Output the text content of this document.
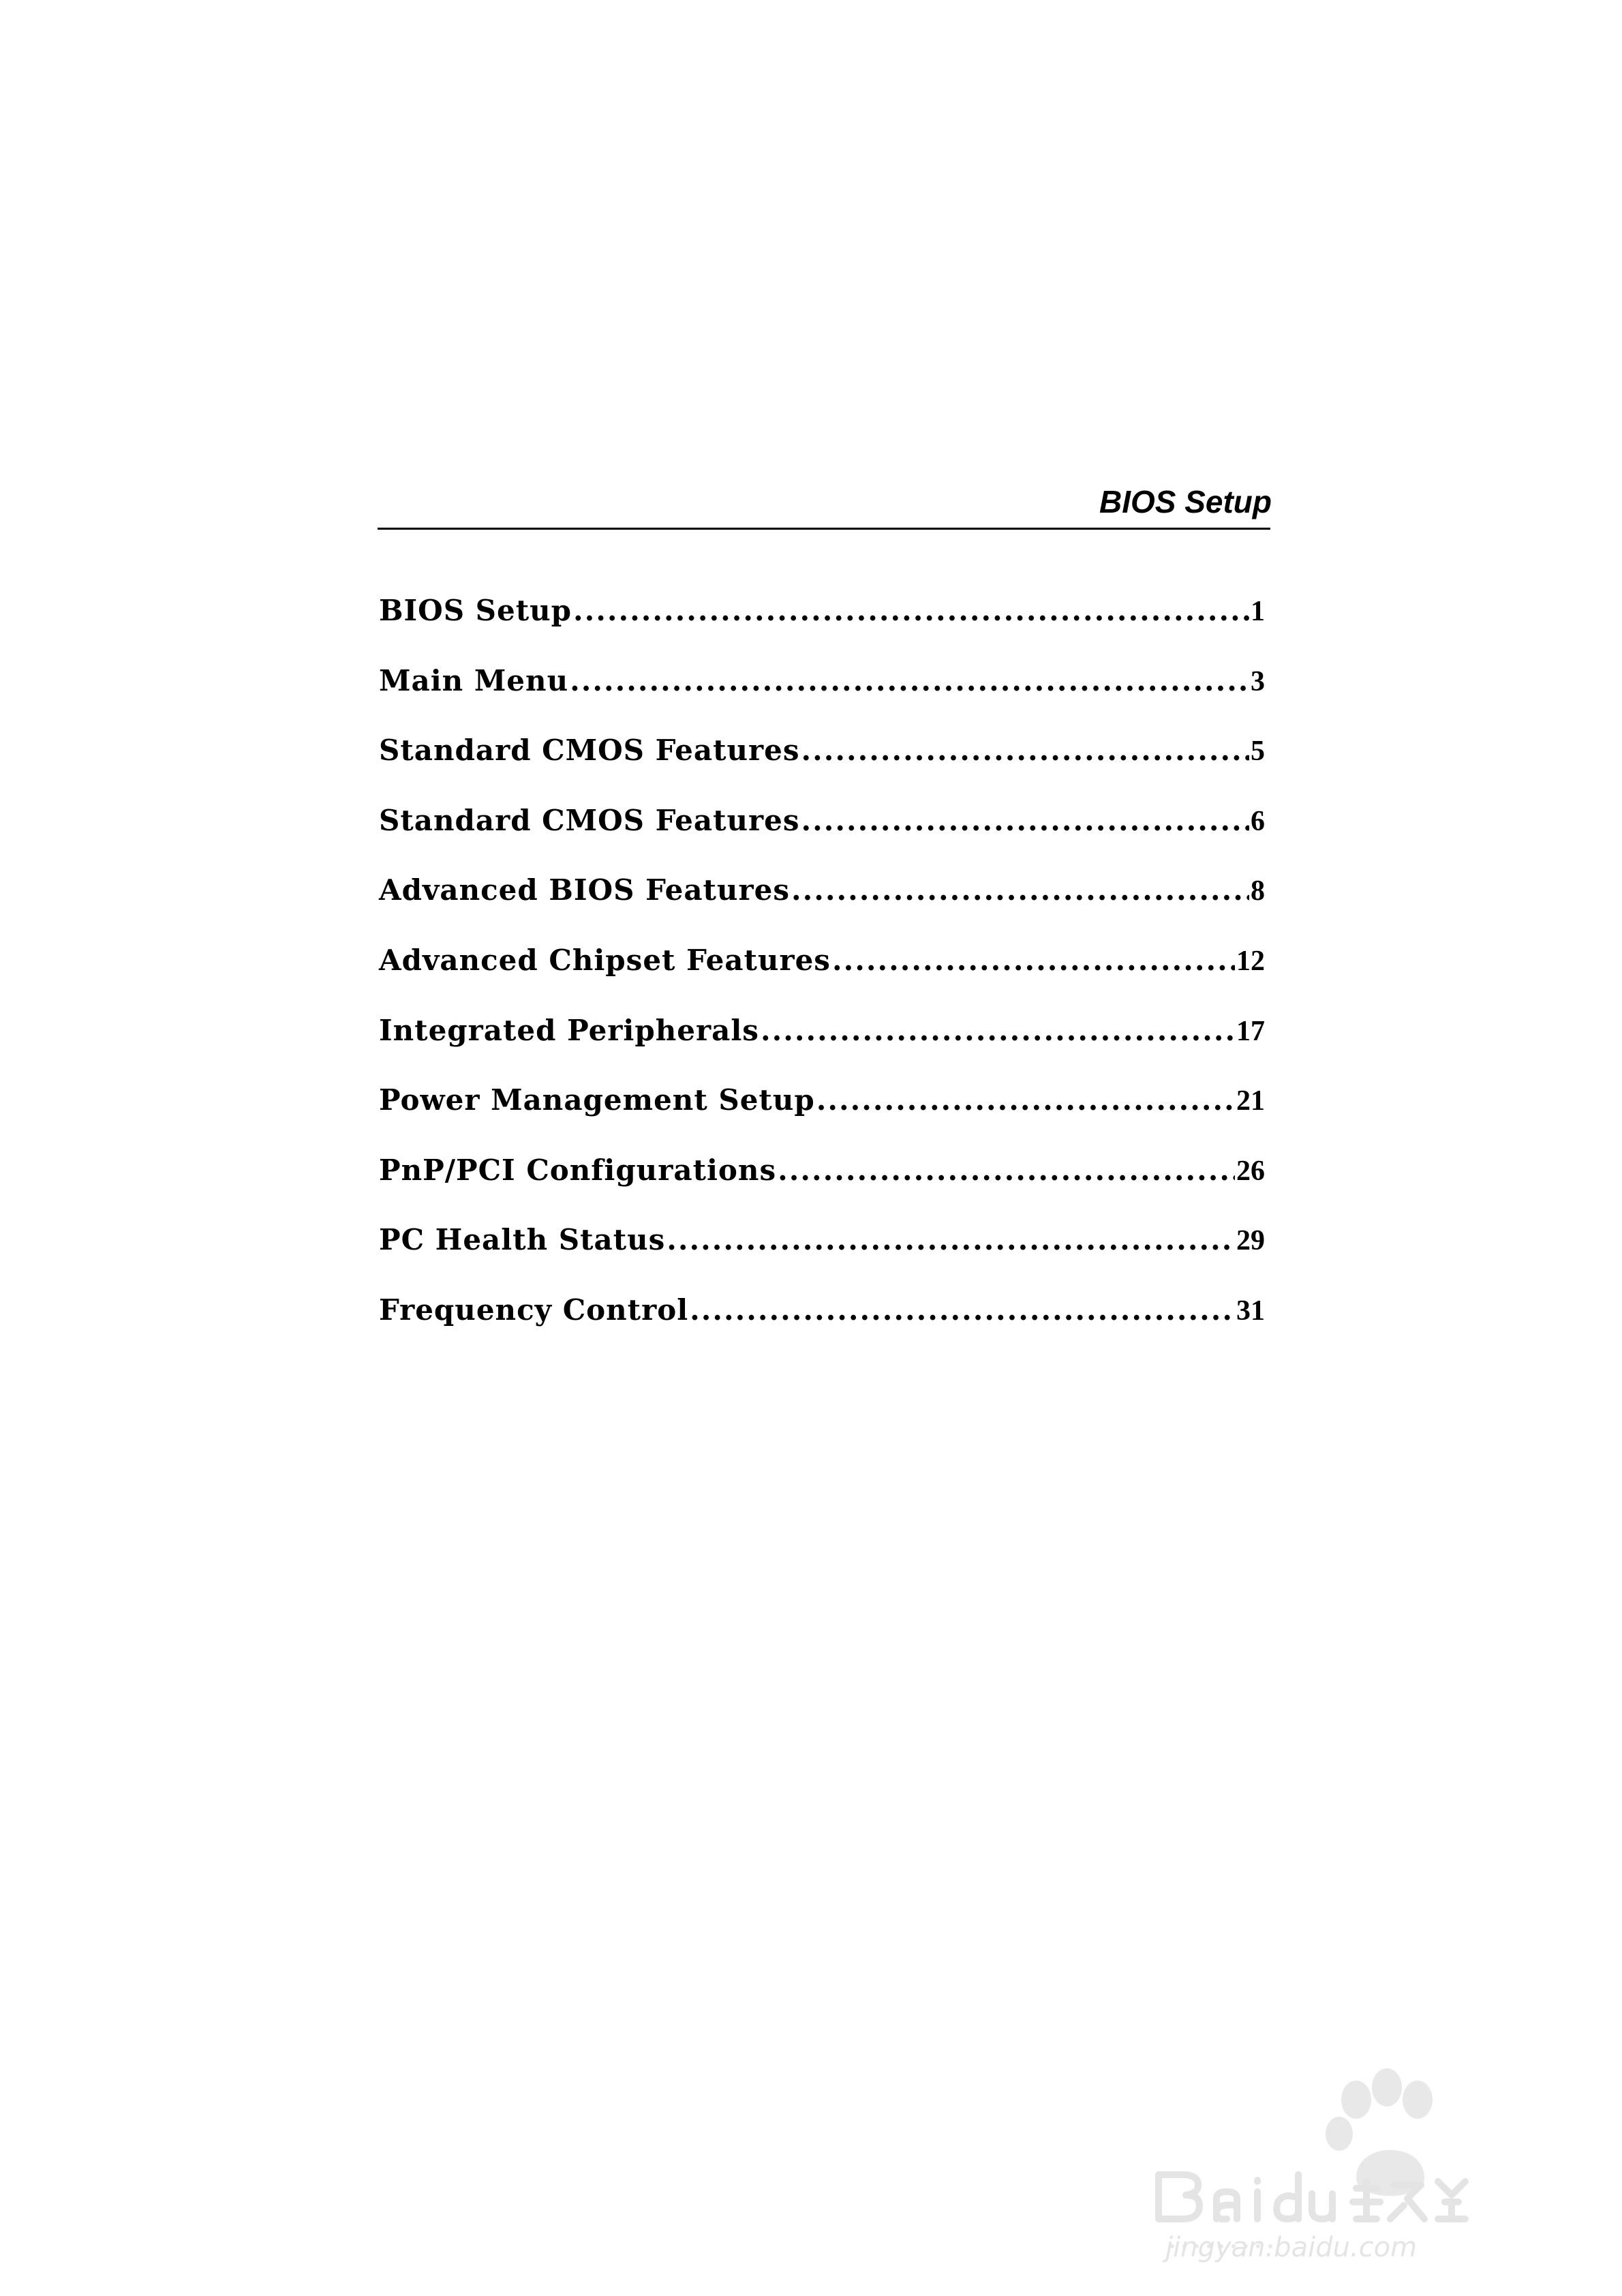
BIOS Setup
BIOS Setup .....	1
Main Menu .....	3
Standard CMOS Features .....	5
Standard CMOS Features .....	6
Advanced BIOS Features .....	8
Advanced Chipset Features .....	12
Integrated Peripherals .....	17
Power Management Setup .....	21
PnP/PCI Configurations .....	26
PC Health Status .....	29
Frequency Control .....	31
jingyan.baidu.com
